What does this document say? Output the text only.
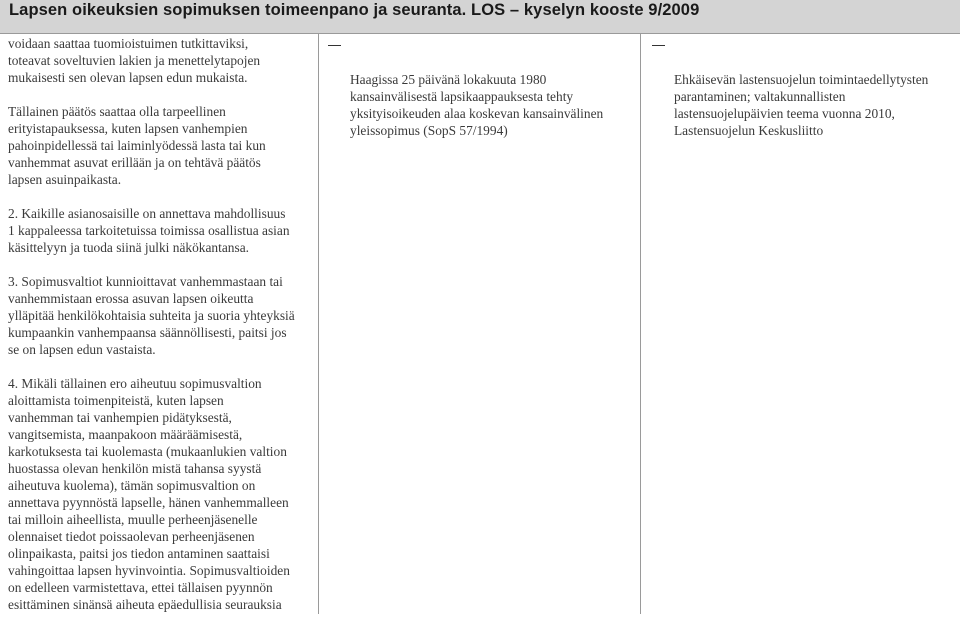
Lapsen oikeuksien sopimuksen toimeenpano ja seuranta. LOS – kyselyn kooste 9/2009

voidaan saattaa tuomioistuimen tutkittaviksi,
toteavat soveltuvien lakien ja menettelytapojen
mukaisesti sen olevan lapsen edun mukaista.

Tällainen päätös saattaa olla tarpeellinen
erityistapauksessa, kuten lapsen vanhempien
pahoinpidellessä tai laiminlyödessä lasta tai kun
vanhemmat asuvat erillään ja on tehtävä päätös
lapsen asuinpaikasta.

2. Kaikille asianosaisille on annettava mahdollisuus
1 kappaleessa tarkoitetuissa toimissa osallistua asian
käsittelyyn ja tuoda siinä julki näkökantansa.

3. Sopimusvaltiot kunnioittavat vanhemmastaan tai
vanhemmistaan erossa asuvan lapsen oikeutta
ylläpitää henkilökohtaisia suhteita ja suoria yhteyksiä
kumpaankin vanhempaansa säännöllisesti, paitsi jos
se on lapsen edun vastaista.

4. Mikäli tällainen ero aiheutuu sopimusvaltion
aloittamista toimenpiteistä, kuten lapsen
vanhemman tai vanhempien pidätyksestä,
vangitsemista, maanpakoon määräämisestä,
karkotuksesta tai kuolemasta (mukaanlukien valtion
huostassa olevan henkilön mistä tahansa syystä
aiheutuva kuolema), tämän sopimusvaltion on
annettava pyynnöstä lapselle, hänen vanhemmalleen
tai milloin aiheellista, muulle perheenjäsenelle
olennaiset tiedot poissaolevan perheenjäsenen
olinpaikasta, paitsi jos tiedon antaminen saattaisi
vahingoittaa lapsen hyvinvointia. Sopimusvaltioiden
on edelleen varmistettava, ettei tällaisen pyynnön
esittäminen sinänsä aiheuta epäedullisia seurauksia

Haagissa 25 päivänä lokakuuta 1980
kansainvälisestä lapsikaappauksesta tehty
yksityisoikeuden alaa koskevan kansainvälinen
yleissopimus (SopS 57/1994)

Ehkäisevän lastensuojelun toimintaedellytysten
parantaminen; valtakunnallisten
lastensuojelupäivien teema vuonna 2010,
Lastensuojelun Keskusliitto
